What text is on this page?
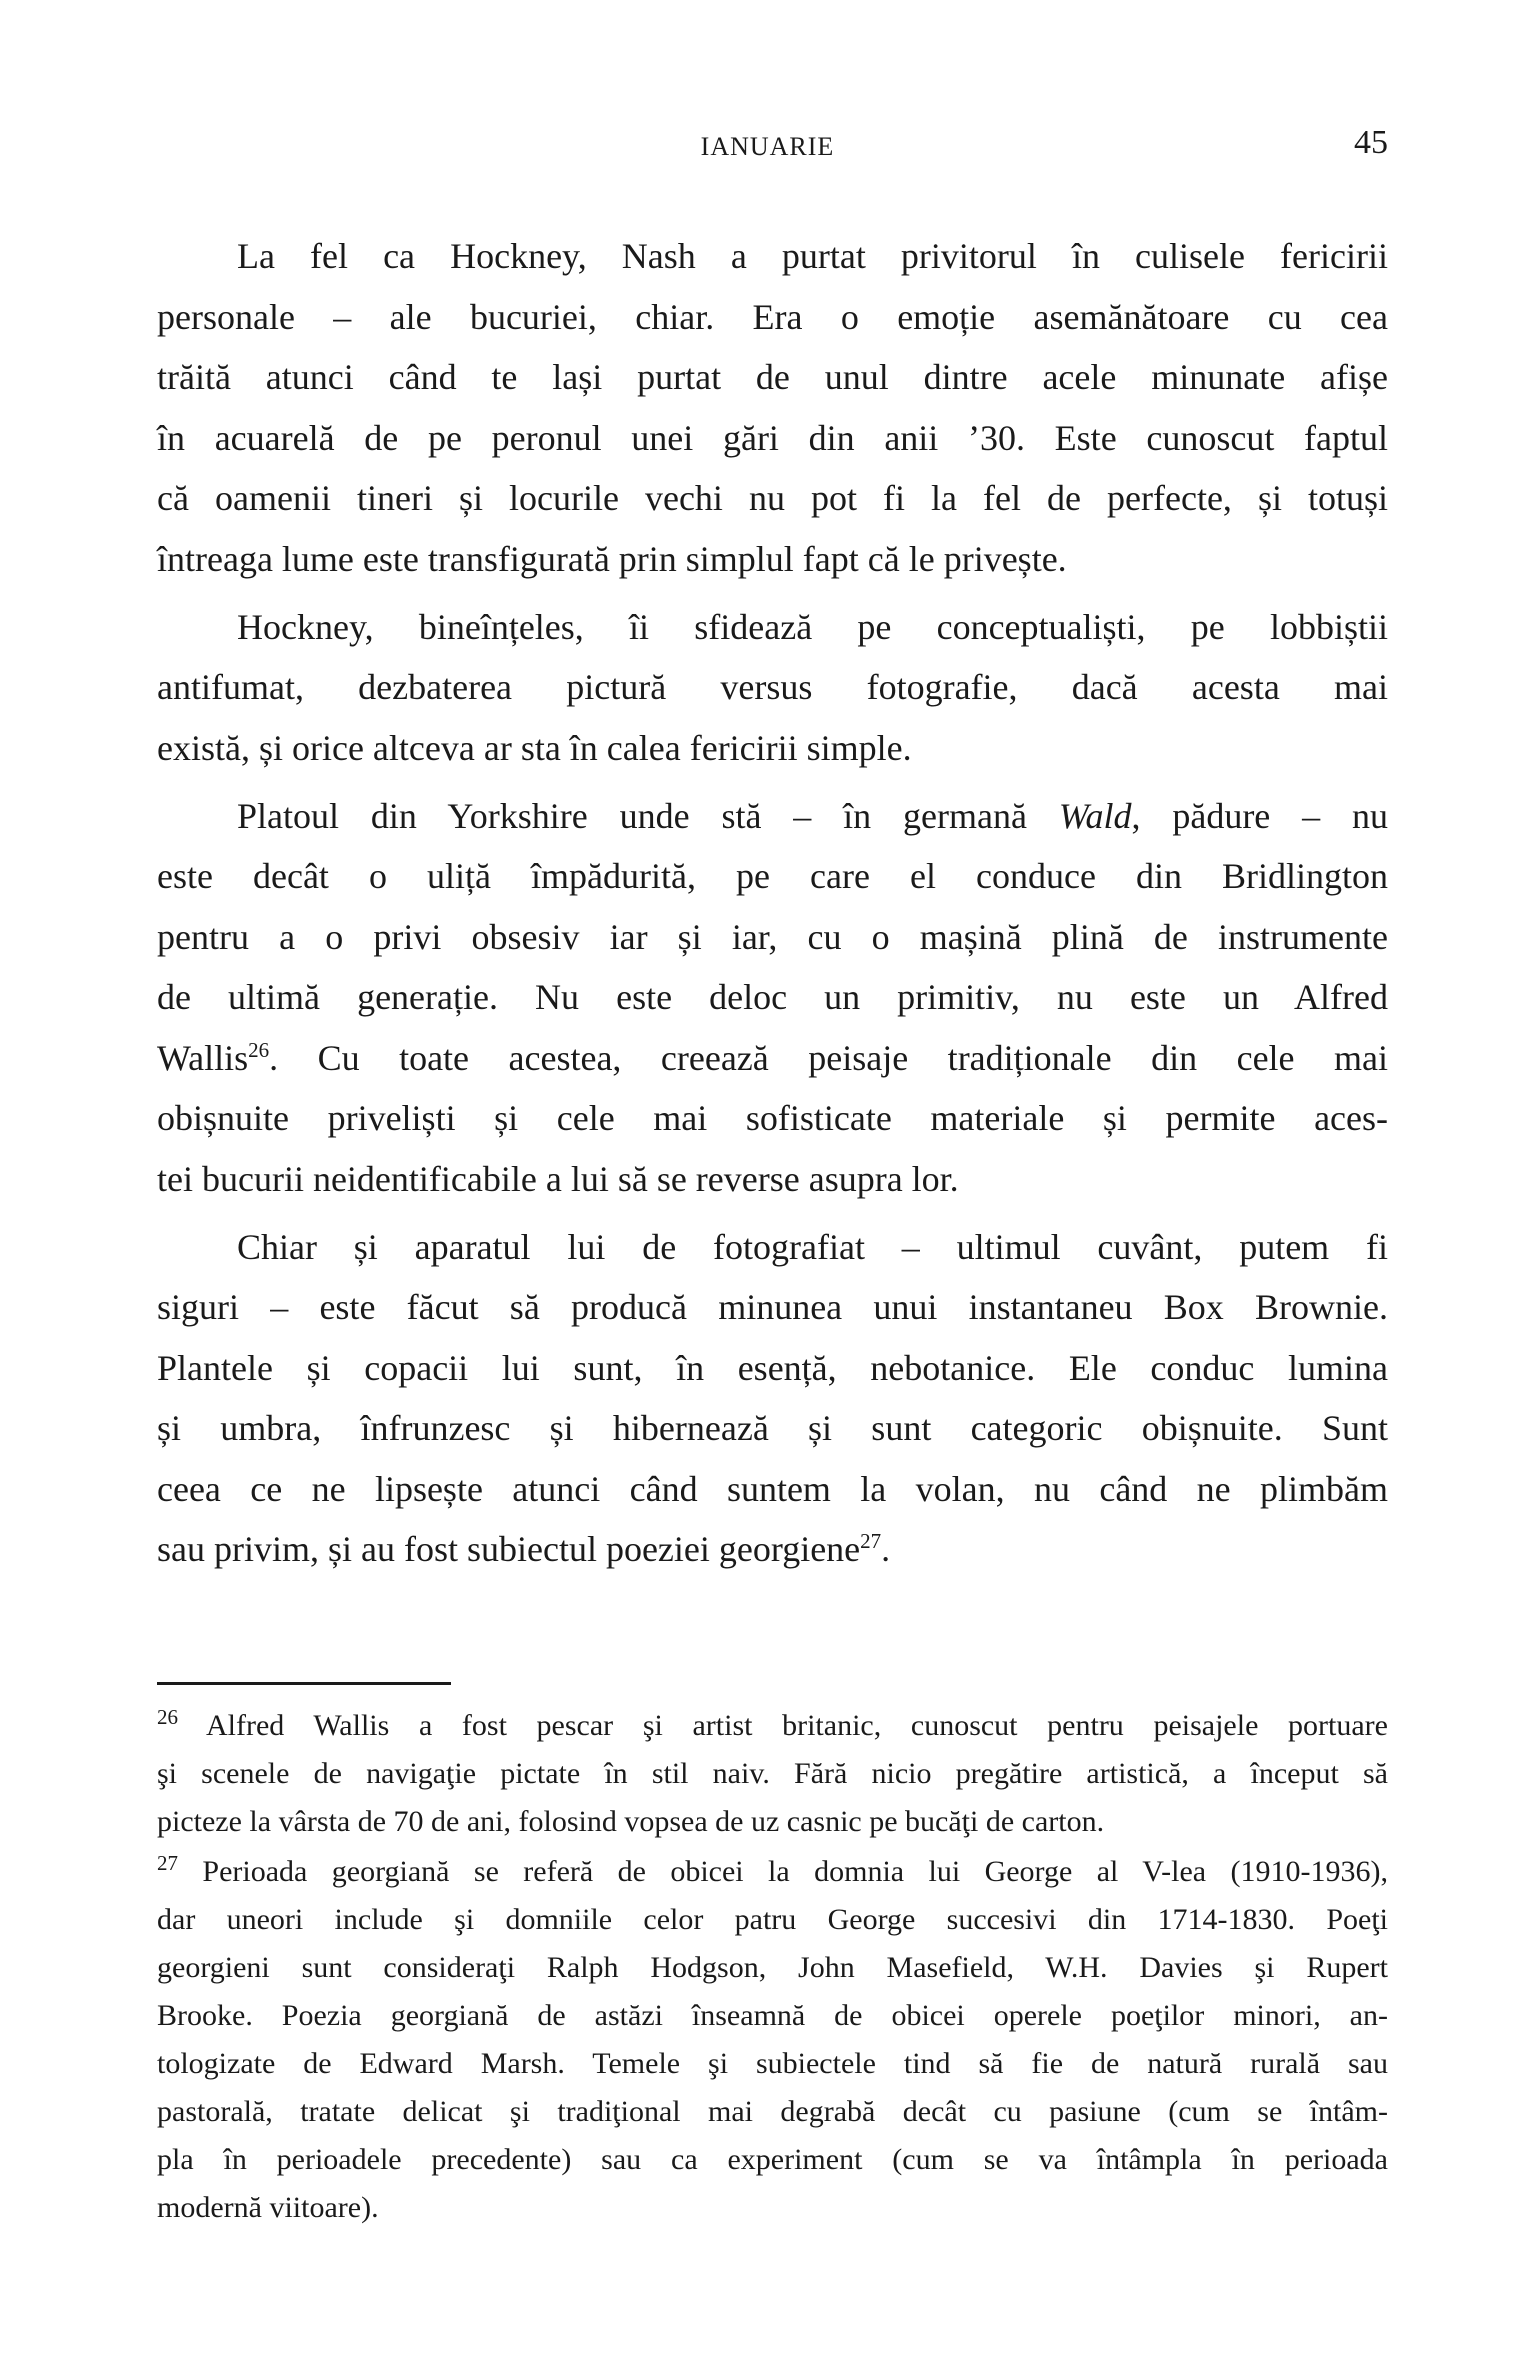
IANUARIE	45
La fel ca Hockney, Nash a purtat privitorul în culisele fericirii
personale – ale bucuriei, chiar. Era o emoție asemănătoare cu cea
trăită atunci când te lași purtat de unul dintre acele minunate afișe
în acuarelă de pe peronul unei gări din anii ’30. Este cunoscut faptul
că oamenii tineri și locurile vechi nu pot fi la fel de perfecte, și totuși
întreaga lume este transfigurată prin simplul fapt că le privește.
Hockney, bineînțeles, îi sfidează pe conceptualiști, pe lobbiștii
antifumat, dezbaterea pictură versus fotografie, dacă acesta mai
există, și orice altceva ar sta în calea fericirii simple.
Platoul din Yorkshire unde stă – în germană Wald, pădure – nu
este decât o uliță împădurită, pe care el conduce din Bridlington
pentru a o privi obsesiv iar și iar, cu o mașină plină de instrumente
de ultimă generație. Nu este deloc un primitiv, nu este un Alfred
Wallis$^{26}$. Cu toate acestea, creează peisaje tradiționale din cele mai
obișnuite priveliști și cele mai sofisticate materiale și permite aces-
tei bucurii neidentificabile a lui să se reverse asupra lor.
Chiar și aparatul lui de fotografiat – ultimul cuvânt, putem fi
siguri – este făcut să producă minunea unui instantaneu Box Brownie.
Plantele și copacii lui sunt, în esență, nebotanice. Ele conduc lumina
și umbra, înfrunzesc și hibernează și sunt categoric obișnuite. Sunt
ceea ce ne lipsește atunci când suntem la volan, nu când ne plimbăm
sau privim, și au fost subiectul poeziei georgiene$^{27}$.
$^{26}$ Alfred Wallis a fost pescar şi artist britanic, cunoscut pentru peisajele portuare
şi scenele de navigaţie pictate în stil naiv. Fără nicio pregătire artistică, a început să
picteze la vârsta de 70 de ani, folosind vopsea de uz casnic pe bucăţi de carton.
$^{27}$ Perioada georgiană se referă de obicei la domnia lui George al V-lea (1910-1936),
dar uneori include şi domniile celor patru George succesivi din 1714-1830. Poeţi
georgieni sunt consideraţi Ralph Hodgson, John Masefield, W.H. Davies şi Rupert
Brooke. Poezia georgiană de astăzi înseamnă de obicei operele poeţilor minori, an-
tologizate de Edward Marsh. Temele şi subiectele tind să fie de natură rurală sau
pastorală, tratate delicat şi tradiţional mai degrabă decât cu pasiune (cum se întâm-
pla în perioadele precedente) sau ca experiment (cum se va întâmpla în perioada
modernă viitoare).
